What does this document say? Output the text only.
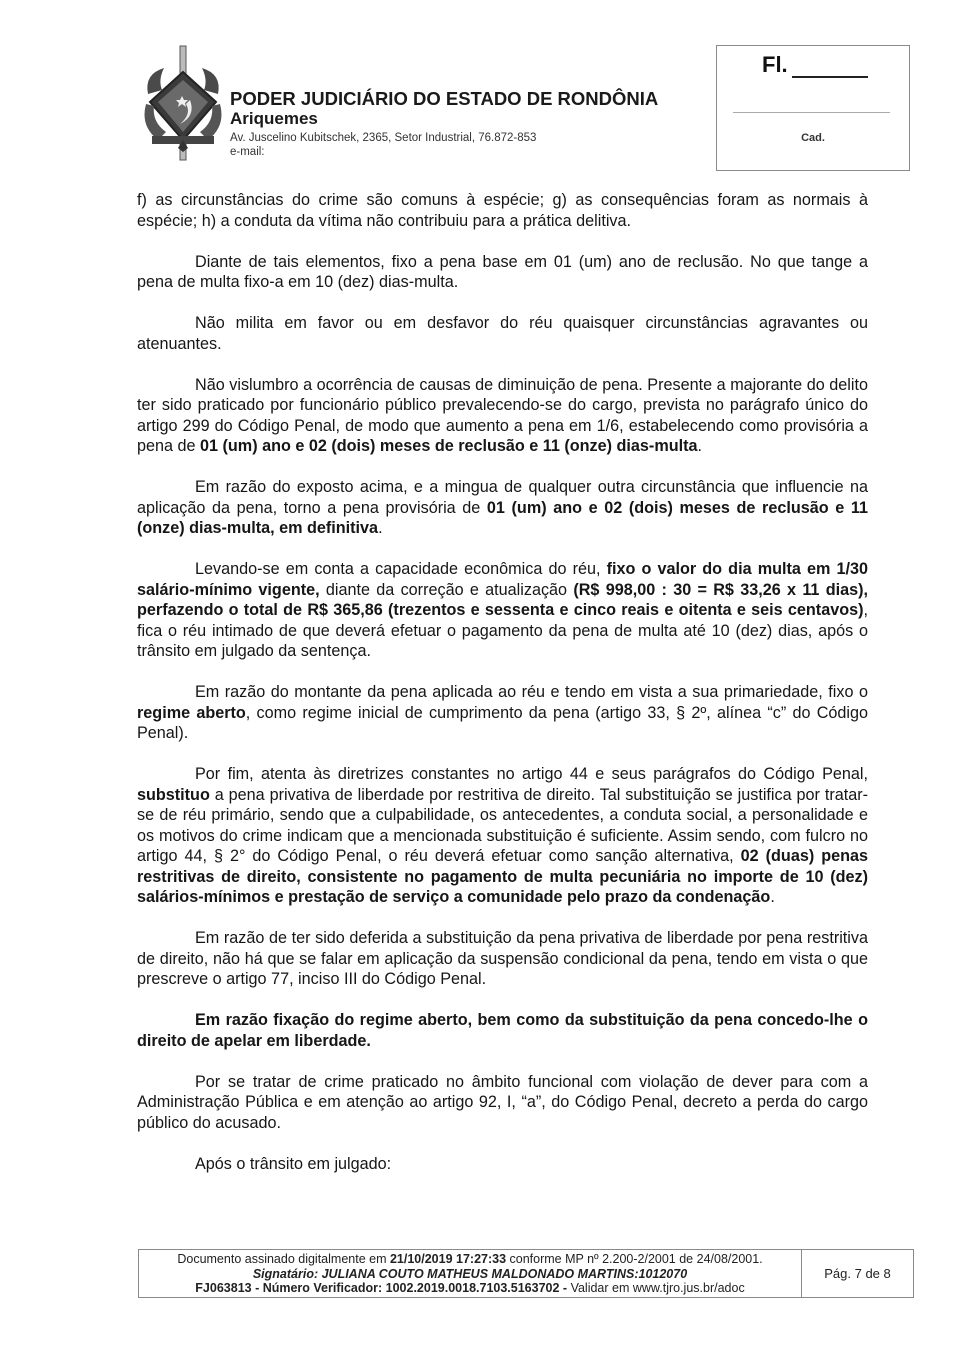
PODER JUDICIÁRIO DO ESTADO DE RONDÔNIA
Ariquemes
Av. Juscelino Kubitschek, 2365, Setor Industrial, 76.872-853
e-mail:
Fl.
Cad.

f) as circunstâncias do crime são comuns à espécie; g) as consequências foram as normais à espécie; h) a conduta da vítima não contribuiu para a prática delitiva.

Diante de tais elementos, fixo a pena base em 01 (um) ano de reclusão. No que tange a pena de multa fixo-a em 10 (dez) dias-multa.

Não milita em favor ou em desfavor do réu quaisquer circunstâncias agravantes ou atenuantes.

Não vislumbro a ocorrência de causas de diminuição de pena. Presente a majorante do delito ter sido praticado por funcionário público prevalecendo-se do cargo, prevista no parágrafo único do artigo 299 do Código Penal, de modo que aumento a pena em 1/6, estabelecendo como provisória a pena de 01 (um) ano e 02 (dois) meses de reclusão e 11 (onze) dias-multa.

Em razão do exposto acima, e a mingua de qualquer outra circunstância que influencie na aplicação da pena, torno a pena provisória de 01 (um) ano e 02 (dois) meses de reclusão e 11 (onze) dias-multa, em definitiva.

Levando-se em conta a capacidade econômica do réu, fixo o valor do dia multa em 1/30 salário-mínimo vigente, diante da correção e atualização (R$ 998,00 : 30 = R$ 33,26 x 11 dias), perfazendo o total de R$ 365,86 (trezentos e sessenta e cinco reais e oitenta e seis centavos), fica o réu intimado de que deverá efetuar o pagamento da pena de multa até 10 (dez) dias, após o trânsito em julgado da sentença.

Em razão do montante da pena aplicada ao réu e tendo em vista a sua primariedade, fixo o regime aberto, como regime inicial de cumprimento da pena (artigo 33, § 2º, alínea “c” do Código Penal).

Por fim, atenta às diretrizes constantes no artigo 44 e seus parágrafos do Código Penal, substituo a pena privativa de liberdade por restritiva de direito. Tal substituição se justifica por tratar-se de réu primário, sendo que a culpabilidade, os antecedentes, a conduta social, a personalidade e os motivos do crime indicam que a mencionada substituição é suficiente. Assim sendo, com fulcro no artigo 44, § 2° do Código Penal, o réu deverá efetuar como sanção alternativa, 02 (duas) penas restritivas de direito, consistente no pagamento de multa pecuniária no importe de 10 (dez) salários-mínimos e prestação de serviço a comunidade pelo prazo da condenação.

Em razão de ter sido deferida a substituição da pena privativa de liberdade por pena restritiva de direito, não há que se falar em aplicação da suspensão condicional da pena, tendo em vista o que prescreve o artigo 77, inciso III do Código Penal.

Em razão fixação do regime aberto, bem como da substituição da pena concedo-lhe o direito de apelar em liberdade.

Por se tratar de crime praticado no âmbito funcional com violação de dever para com a Administração Pública e em atenção ao artigo 92, I, “a”, do Código Penal, decreto a perda do cargo público do acusado.

Após o trânsito em julgado:

Documento assinado digitalmente em 21/10/2019 17:27:33 conforme MP nº 2.200-2/2001 de 24/08/2001.
Signatário: JULIANA COUTO MATHEUS MALDONADO MARTINS:1012070
FJ063813 - Número Verificador: 1002.2019.0018.7103.5163702 - Validar em www.tjro.jus.br/adoc
Pág. 7 de 8
